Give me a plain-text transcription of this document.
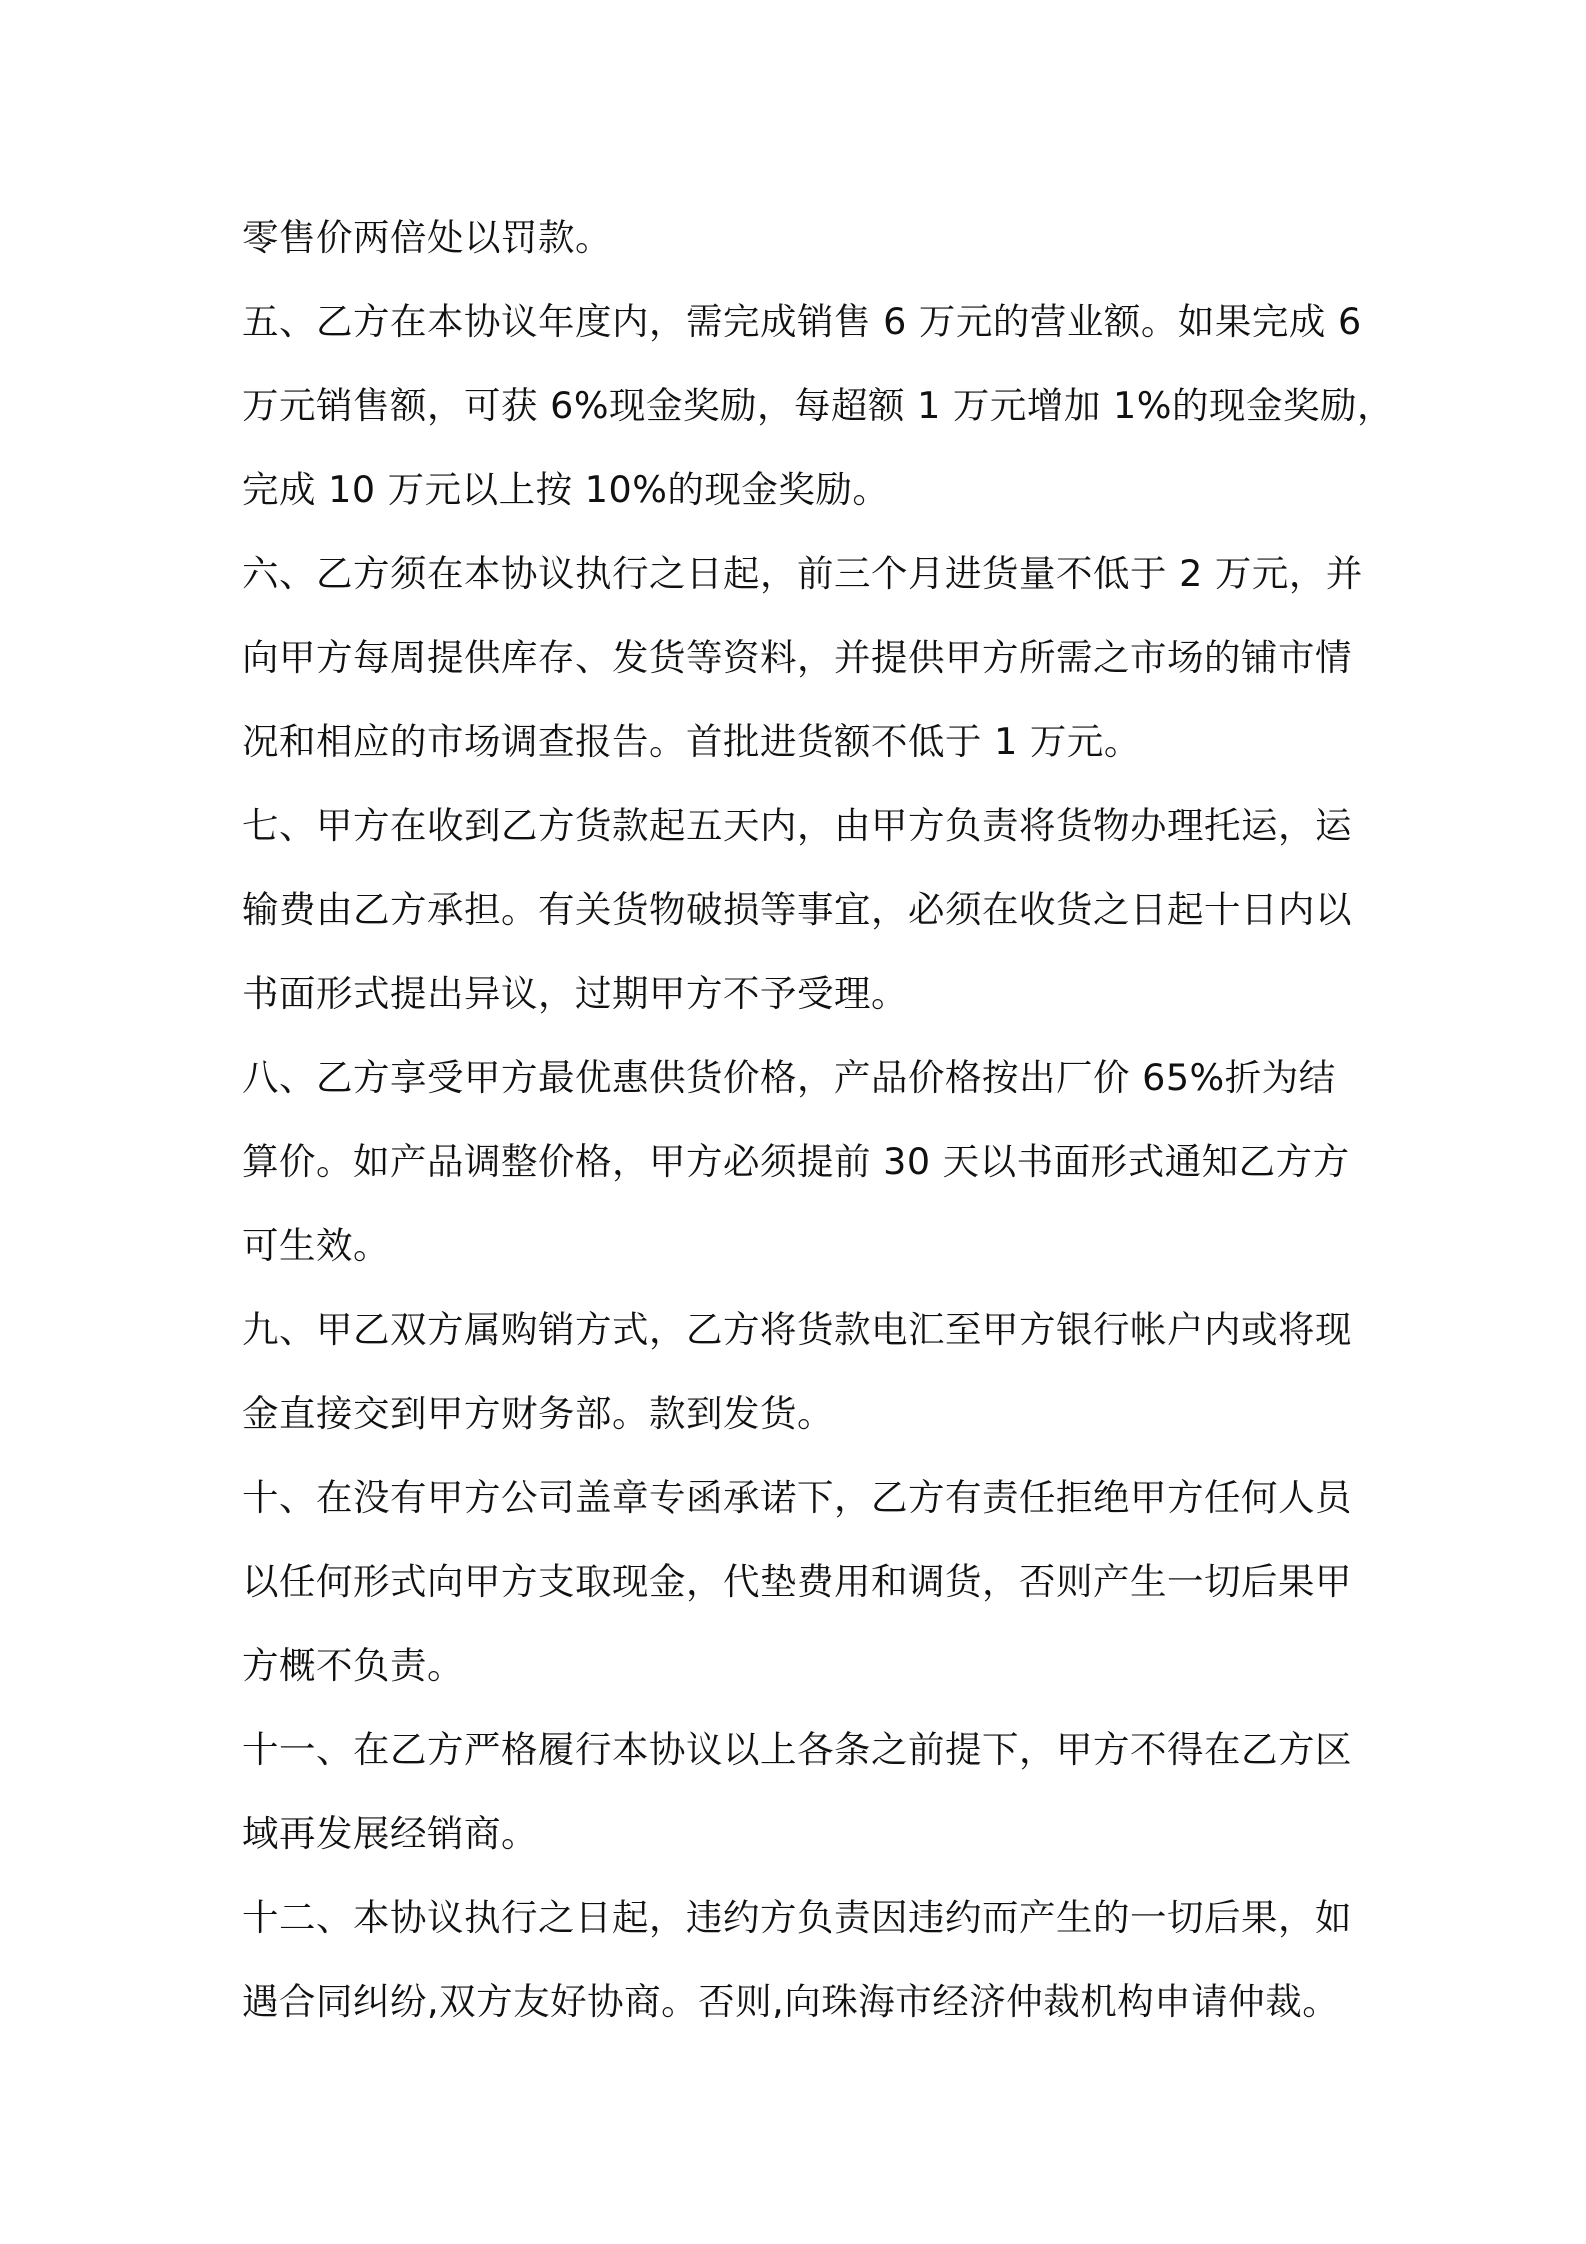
零售价两倍处以罚款。
五、乙方在本协议年度内，需完成销售 6 万元的营业额。如果完成 6
万元销售额，可获 6%现金奖励，每超额 1 万元增加 1%的现金奖励，
完成 10 万元以上按 10%的现金奖励。
六、乙方须在本协议执行之日起，前三个月进货量不低于 2 万元，并
向甲方每周提供库存、发货等资料，并提供甲方所需之市场的铺市情
况和相应的市场调查报告。首批进货额不低于 1 万元。
七、甲方在收到乙方货款起五天内，由甲方负责将货物办理托运，运
输费由乙方承担。有关货物破损等事宜，必须在收货之日起十日内以
书面形式提出异议，过期甲方不予受理。
八、乙方享受甲方最优惠供货价格，产品价格按出厂价 65%折为结
算价。如产品调整价格，甲方必须提前 30 天以书面形式通知乙方方
可生效。
九、甲乙双方属购销方式，乙方将货款电汇至甲方银行帐户内或将现
金直接交到甲方财务部。款到发货。
十、在没有甲方公司盖章专函承诺下，乙方有责任拒绝甲方任何人员
以任何形式向甲方支取现金，代垫费用和调货，否则产生一切后果甲
方概不负责。
十一、在乙方严格履行本协议以上各条之前提下，甲方不得在乙方区
域再发展经销商。
十二、本协议执行之日起，违约方负责因违约而产生的一切后果，如
遇合同纠纷,双方友好协商。否则,向珠海市经济仲裁机构申请仲裁。
